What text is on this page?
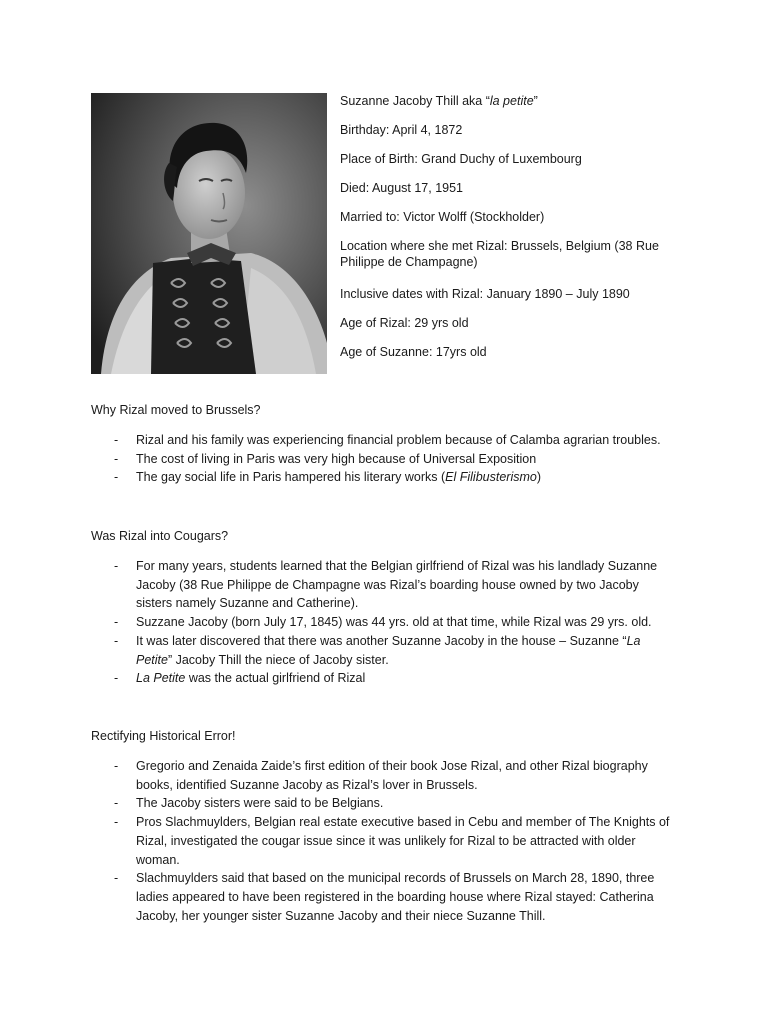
Suzanne Jacoby Thill aka “la petite”
Birthday: April 4, 1872
Place of Birth: Grand Duchy of Luxembourg
Died: August 17, 1951
Married to: Victor Wolff (Stockholder)
Location where she met Rizal: Brussels, Belgium (38 Rue
Philippe de Champagne)
Inclusive dates with Rizal: January 1890 – July 1890
Age of Rizal: 29 yrs old
Age of Suzanne: 17yrs old
Why Rizal moved to Brussels?
- Rizal and his family was experiencing financial problem because of Calamba agrarian troubles.
- The cost of living in Paris was very high because of Universal Exposition
- The gay social life in Paris hampered his literary works (El Filibusterismo)
Was Rizal into Cougars?
- For many years, students learned that the Belgian girlfriend of Rizal was his landlady Suzanne Jacoby (38 Rue Philippe de Champagne was Rizal’s boarding house owned by two Jacoby sisters namely Suzanne and Catherine).
- Suzzane Jacoby (born July 17, 1845) was 44 yrs. old at that time, while Rizal was 29 yrs. old.
- It was later discovered that there was another Suzanne Jacoby in the house – Suzanne “La Petite” Jacoby Thill the niece of Jacoby sister.
- La Petite was the actual girlfriend of Rizal
Rectifying Historical Error!
- Gregorio and Zenaida Zaide’s first edition of their book Jose Rizal, and other Rizal biography books, identified Suzanne Jacoby as Rizal’s lover in Brussels.
- The Jacoby sisters were said to be Belgians.
- Pros Slachmuylders, Belgian real estate executive based in Cebu and member of The Knights of Rizal, investigated the cougar issue since it was unlikely for Rizal to be attracted with older woman.
- Slachmuylders said that based on the municipal records of Brussels on March 28, 1890, three ladies appeared to have been registered in the boarding house where Rizal stayed: Catherina Jacoby, her younger sister Suzanne Jacoby and their niece Suzanne Thill.
